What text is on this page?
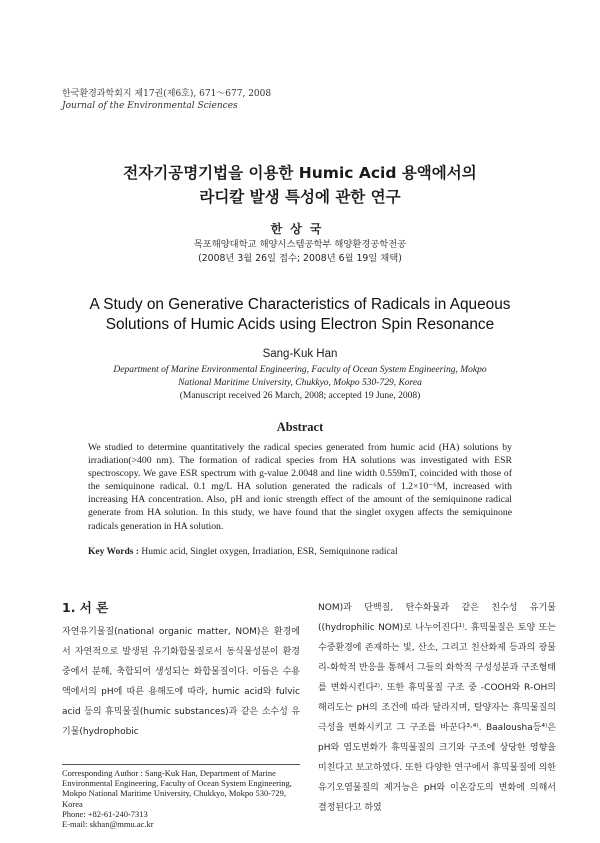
한국환경과학회지 제17권(제6호), 671～677, 2008
Journal of the Environmental Sciences
전자기공명기법을 이용한 Humic Acid 용액에서의
라디칼 발생 특성에 관한 연구
한상국
목포해양대학교 해양시스템공학부 해양환경공학전공
(2008년 3월 26일 접수; 2008년 6월 19일 채택)
A Study on Generative Characteristics of Radicals in Aqueous
Solutions of Humic Acids using Electron Spin Resonance
Sang-Kuk Han
Department of Marine Environmental Engineering, Faculty of Ocean System Engineering, Mokpo
National Maritime University, Chukkyo, Mokpo 530-729, Korea
(Manuscript received 26 March, 2008; accepted 19 June, 2008)
Abstract
We studied to determine quantitatively the radical species generated from humic acid (HA) solutions by irradiation(>400 nm). The formation of radical species from HA solutions was investigated with ESR spectroscopy. We gave ESR spectrum with g-value 2.0048 and line width 0.559mT, coincided with those of the semiquinone radical. 0.1 mg/L HA solution generated the radicals of 1.2×10⁻⁶M, increased with increasing HA concentration. Also, pH and ionic strength effect of the amount of the semiquinone radical generate from HA solution. In this study, we have found that the singlet oxygen affects the semiquinone radicals generation in HA solution.
Key Words : Humic acid, Singlet oxygen, Irradiation, ESR, Semiquinone radical
1. 서 론
자연유기물질(national organic matter, NOM)은 환경에서 자연적으로 발생된 유기화합물질로서 동식물성분이 환경 중에서 분해, 축합되어 생성되는 화합물질이다. 이들은 수용액에서의 pH에 따른 용해도에 따라, humic acid와 fulvic acid 등의 휴믹물질(humic substances)과 같은 소수성 유기물(hydrophobic
NOM)과 단백질, 탄수화물과 같은 친수성 유기물((hydrophilic NOM)로 나누어진다¹⁾. 휴믹물질은 토양 또는 수중환경에 존재하는 빛, 산소, 그리고 친산화제 등과의 광물리-화학적 반응을 통해서 그들의 화학적 구성성분과 구조형태를 변화시킨다²⁾. 또한 휴믹물질 구조 중 -COOH와 R-OH의 해리도는 pH의 조건에 따라 달라지며, 탈양자는 휴믹물질의 극성을 변화시키고 그 구조를 바꾼다³·⁴⁾. Baalousha등⁴⁾은 pH와 염도변화가 휴믹물질의 크기와 구조에 상당한 영향을 미친다고 보고하였다. 또한 다양한 연구에서 휴믹물질에 의한 유기오염물질의 제거능은 pH와 이온강도의 변화에 의해서 결정된다고 하였
Corresponding Author : Sang-Kuk Han, Department of Marine Environmental Engineering, Faculty of Ocean System Engineering, Mokpo National Maritime University, Chukkyo, Mokpo 530-729, Korea
Phone: +82-61-240-7313
E-mail: skhan@mmu.ac.kr
